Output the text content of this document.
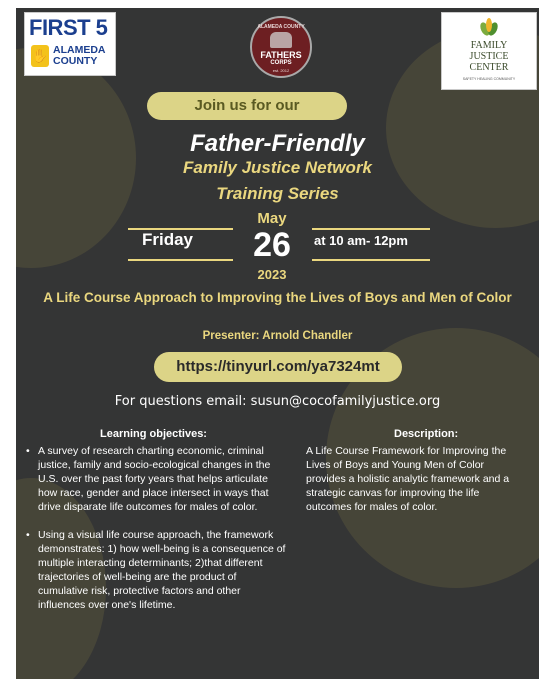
FIRST 5
✋ ALAMEDA
COUNTY
ALAMEDA COUNTY
FATHERS
CORPS
est. 2012
FAMILY
JUSTICE
CENTER
SAFETY HEALING COMMUNITY
Join us for our
Father-Friendly
Family Justice Network
Training Series
Friday
May
26
2023
at 10 am- 12pm
A Life Course Approach to Improving the Lives of Boys and Men of Color
Presenter: Arnold Chandler
https://tinyurl.com/ya7324mt
For questions email: susun@cocofamilyjustice.org
Learning objectives:
• A survey of research charting economic, criminal justice, family and socio-ecological changes in the U.S. over the past forty years that helps articulate how race, gender and place intersect in ways that drive disparate life outcomes for males of color.
• Using a visual life course approach, the framework demonstrates: 1) how well-being is a consequence of multiple interacting determinants; 2)that different trajectories of well-being are the product of cumulative risk, protective factors and other influences over one's lifetime.
Description:
A Life Course Framework for Improving the Lives of Boys and Young Men of Color provides a holistic analytic framework and a strategic canvas for improving the life outcomes for males of color.
